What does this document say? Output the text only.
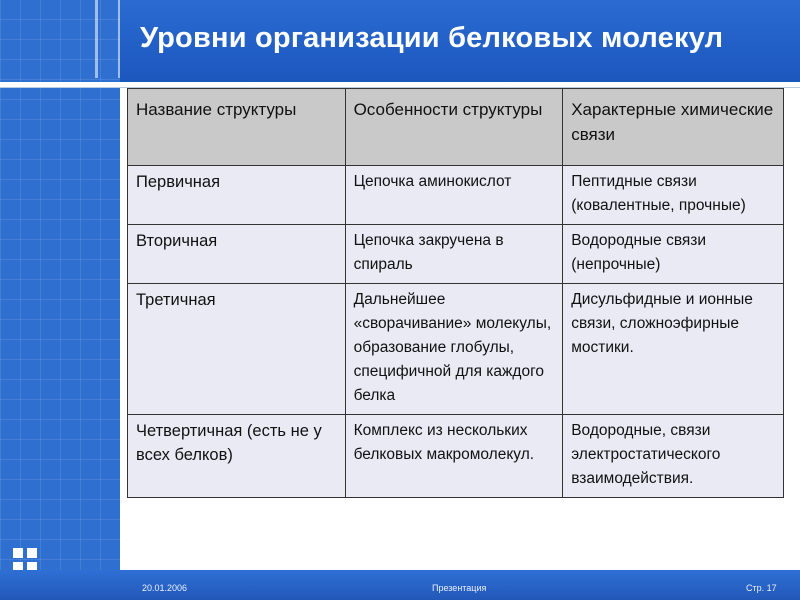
Уровни организации белковых молекул
Название структуры	Особенности структуры	Характерные химические связи
Первичная	Цепочка аминокислот	Пептидные связи (ковалентные, прочные)
Вторичная	Цепочка закручена в спираль	Водородные связи (непрочные)
Третичная	Дальнейшее «сворачивание» молекулы, образование глобулы, специфичной для каждого белка	Дисульфидные и ионные связи, сложноэфирные мостики.
Четвертичная (есть не у всех белков)	Комплекс из нескольких белковых макромолекул.	Водородные, связи электростатического взаимодействия.
20.01.2006	Презентация	Стр. 17
